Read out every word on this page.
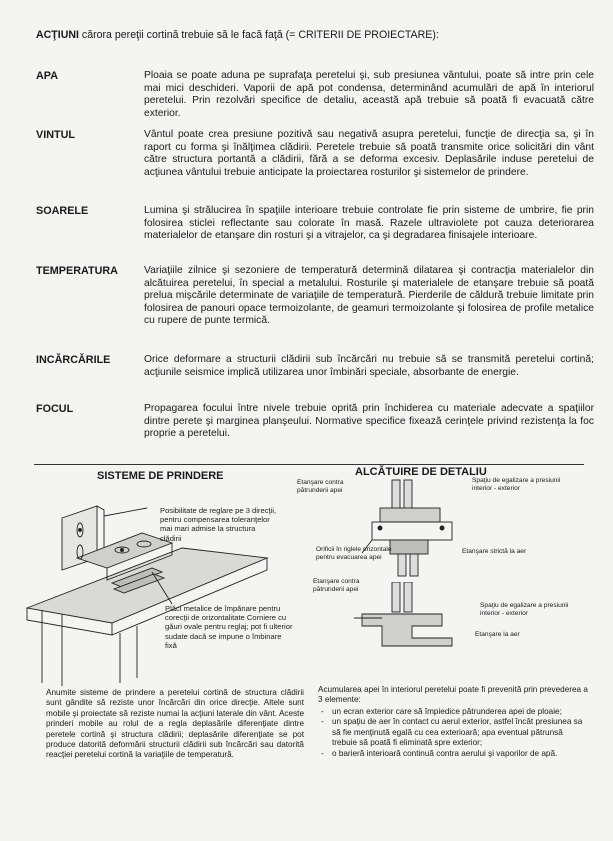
ACŢIUNI cărora pereţii cortină trebuie să le facă faţă (= CRITERII DE PROIECTARE):
APA	Ploaia se poate aduna pe suprafaţa peretelui şi, sub presiunea vântului, poate să intre prin cele mai mici deschideri. Vaporii de apă pot condensa, determinând acumulări de apă în interiorul peretelui. Prin rezolvări specifice de detaliu, această apă trebuie să poată fi evacuată către exterior.
VINTUL	Vântul poate crea presiune pozitivă sau negativă asupra peretelui, funcţie de direcţia sa, şi în raport cu forma şi înălţimea clădirii. Peretele trebuie să poată transmite orice solicitări din vânt către structura portantă a clădirii, fără a se deforma excesiv. Deplasările induse peretelui de acţiunea vântului trebuie anticipate la proiectarea rosturilor şi sistemelor de prindere.
SOARELE	Lumina şi strălucirea în spaţiile interioare trebuie controlate fie prin sisteme de umbrire, fie prin folosirea sticlei reflectante sau colorate în masă. Razele ultraviolete pot cauza deteriorarea materialelor de etanşare din rosturi şi a vitrajelor, ca şi degradarea finisajele interioare.
TEMPERATURA	Variaţiile zilnice şi sezoniere de temperatură determină dilatarea şi contracţia materialelor din alcătuirea peretelui, în special a metalului. Rosturile şi materialele de etanşare trebuie să poată prelua mişcările determinate de variaţiile de temperatură. Pierderile de căldură trebuie limitate prin folosirea de panouri opace termoizolante, de geamuri termoizolante şi folosirea de profile metalice cu rupere de punte termică.
INCĂRCĂRILE	Orice deformare a structurii clădirii sub încărcări nu trebuie să se transmită peretelui cortină; acţiunile seismice implică utilizarea unor îmbinări speciale, absorbante de energie.
FOCUL	Propagarea focului între nivele trebuie oprită prin închiderea cu materiale adecvate a spaţiilor dintre perete şi marginea planşeului. Normative specifice fixează cerinţele privind rezistenţa la foc proprie a peretelui.
SISTEME DE PRINDERE
Posibilitate de reglare pe 3 direcţii, pentru compensarea toleranţelor mai mari admise la structura clădirii
Plăci metalice de împănare pentru corecţii de orizontalitate Corniere cu găuri ovale pentru reglaj; pot fi ulterior sudate dacă se impune o îmbinare fixă
Anumite sisteme de prindere a peretelui cortină de structura clădirii sunt gândite să reziste unor încărcări din orice direcţie. Altele sunt mobile şi proiectate să reziste numai la acţiuni laterale din vânt. Aceste prinderi mobile au rolul de a regla deplasările diferenţiate dintre peretele cortină şi structura clădirii; deplasările diferenţiate se pot produce datorită deformării structurii clădirii sub încărcări sau datorită reacţiei peretelui cortină la variaţiile de temperatură.
ALCĂTUIRE DE DETALIU
Etanşare contra pătrunderii apei
Spaţiu de egalizare a presiunii interior - exterior
Orificii în riglele orizontale pentru evacuarea apei
Etanşare strictă la aer
Etanşare contra pătrunderii apei
Spaţiu de egalizare a presiunii interior - exterior
Etanşare la aer
Acumularea apei în interiorul peretelui poate fi prevenită prin prevederea a 3 elemente:
- un ecran exterior care să împiedice pătrunderea apei de ploaie;
- un spaţiu de aer în contact cu aerul exterior, astfel încât presiunea sa să fie menţinută egală cu cea exterioară; apa eventual pătrunsă trebuie să poată fi eliminată spre exterior;
- o barieră interioară continuă contra aerului şi vaporilor de apă.
